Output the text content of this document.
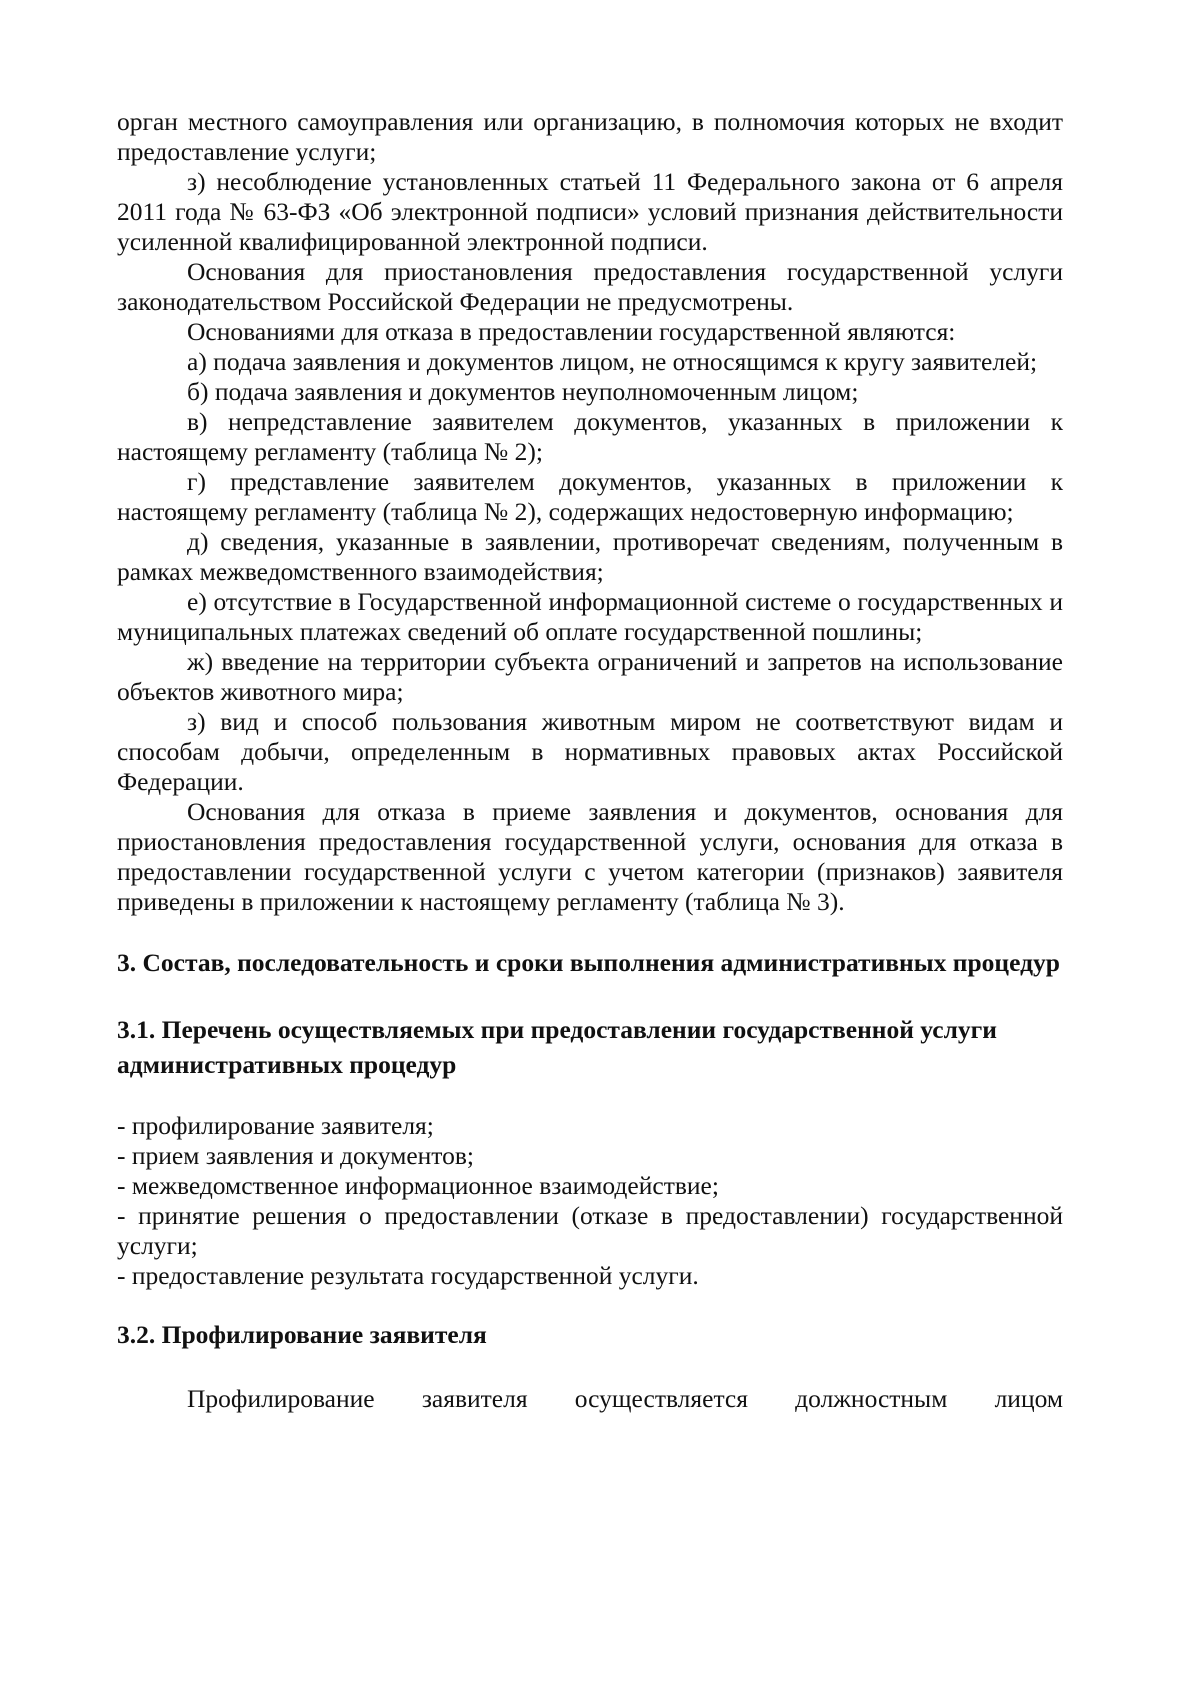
орган местного самоуправления или организацию, в полномочия которых не входит предоставление услуги;

з) несоблюдение установленных статьей 11 Федерального закона от 6 апреля 2011 года № 63-ФЗ «Об электронной подписи» условий признания действительности усиленной квалифицированной электронной подписи.

Основания для приостановления предоставления государственной услуги законодательством Российской Федерации не предусмотрены.

Основаниями для отказа в предоставлении государственной являются:

а) подача заявления и документов лицом, не относящимся к кругу заявителей;

б) подача заявления и документов неуполномоченным лицом;

в) непредставление заявителем документов, указанных в приложении к настоящему регламенту (таблица № 2);

г) представление заявителем документов, указанных в приложении к настоящему регламенту (таблица № 2), содержащих недостоверную информацию;

д) сведения, указанные в заявлении, противоречат сведениям, полученным в рамках межведомственного взаимодействия;

е) отсутствие в Государственной информационной системе о государственных и муниципальных платежах сведений об оплате государственной пошлины;

ж) введение на территории субъекта ограничений и запретов на использование объектов животного мира;

з) вид и способ пользования животным миром не соответствуют видам и способам добычи, определенным в нормативных правовых актах Российской Федерации.

Основания для отказа в приеме заявления и документов, основания для приостановления предоставления государственной услуги, основания для отказа в предоставлении государственной услуги с учетом категории (признаков) заявителя приведены в приложении к настоящему регламенту (таблица № 3).

3. Состав, последовательность и сроки выполнения административных процедур

3.1. Перечень осуществляемых при предоставлении государственной услуги административных процедур

- профилирование заявителя;

- прием заявления и документов;

- межведомственное информационное взаимодействие;

- принятие решения о предоставлении (отказе в предоставлении) государственной услуги;

- предоставление результата государственной услуги.

3.2. Профилирование заявителя

Профилирование заявителя осуществляется должностным лицом
